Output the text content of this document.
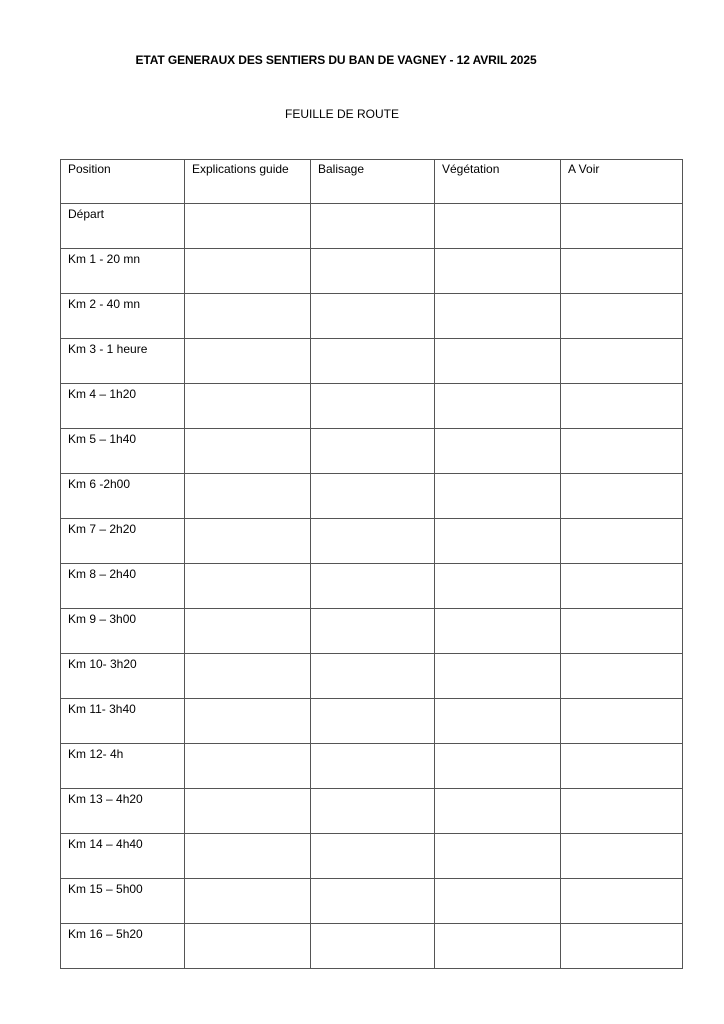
ETAT GENERAUX DES SENTIERS DU BAN DE VAGNEY - 12 AVRIL 2025
FEUILLE DE ROUTE
Position	Explications guide	Balisage	Végétation	A Voir
Départ				
Km 1 - 20 mn				
Km 2 - 40 mn				
Km 3 - 1 heure				
Km 4 – 1h20				
Km 5 – 1h40				
Km 6 -2h00				
Km 7 – 2h20				
Km 8 – 2h40				
Km 9 – 3h00				
Km 10- 3h20				
Km 11- 3h40				
Km 12- 4h				
Km 13 – 4h20				
Km 14 – 4h40				
Km 15 – 5h00				
Km 16 – 5h20				
